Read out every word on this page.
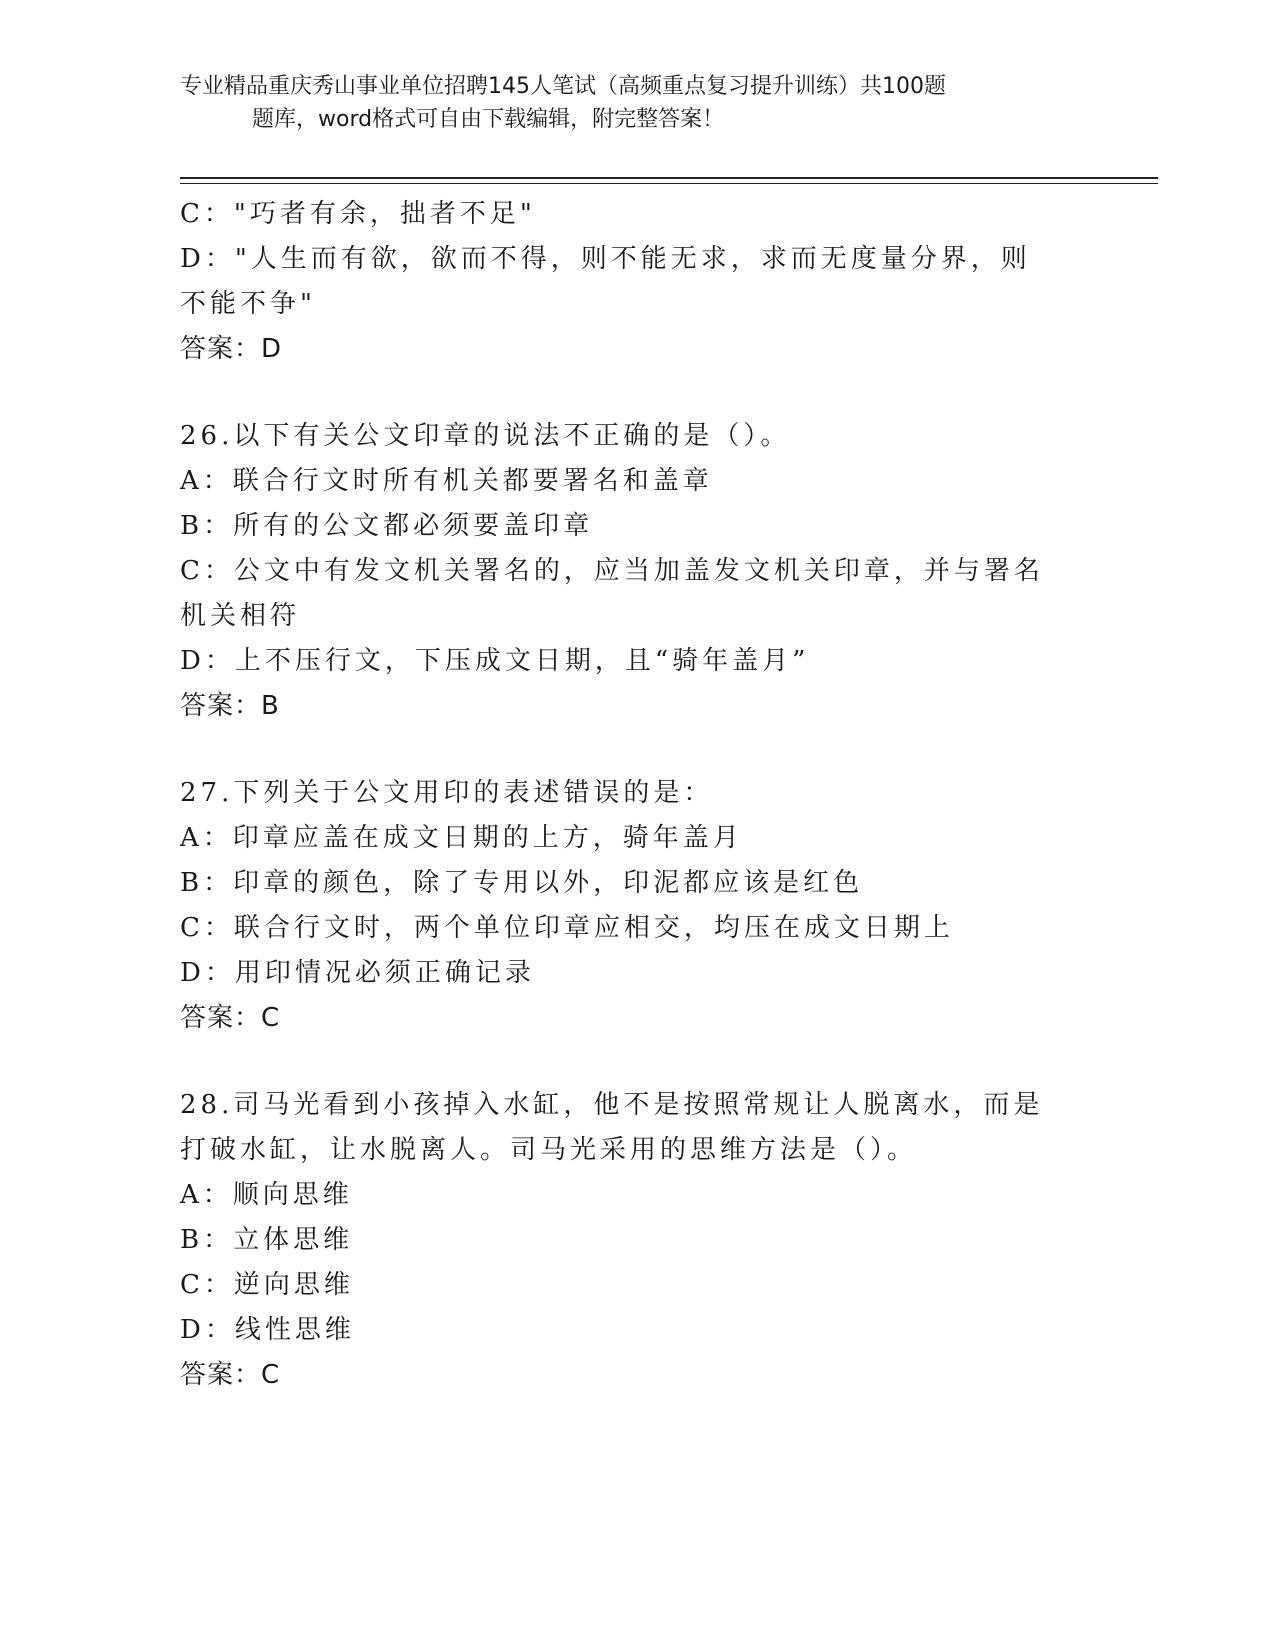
专业精品重庆秀山事业单位招聘145人笔试（高频重点复习提升训练）共100题
题库，word格式可自由下载编辑，附完整答案！
C："巧者有余，拙者不足"
D："人生而有欲，欲而不得，则不能无求，求而无度量分界，则不能不争"
答案：D
26.以下有关公文印章的说法不正确的是（）。
A：联合行文时所有机关都要署名和盖章
B：所有的公文都必须要盖印章
C：公文中有发文机关署名的，应当加盖发文机关印章，并与署名机关相符
D：上不压行文，下压成文日期，且“骑年盖月”
答案：B
27.下列关于公文用印的表述错误的是：
A：印章应盖在成文日期的上方，骑年盖月
B：印章的颜色，除了专用以外，印泥都应该是红色
C：联合行文时，两个单位印章应相交，均压在成文日期上
D：用印情况必须正确记录
答案：C
28.司马光看到小孩掉入水缸，他不是按照常规让人脱离水，而是打破水缸，让水脱离人。司马光采用的思维方法是（）。
A：顺向思维
B：立体思维
C：逆向思维
D：线性思维
答案：C
